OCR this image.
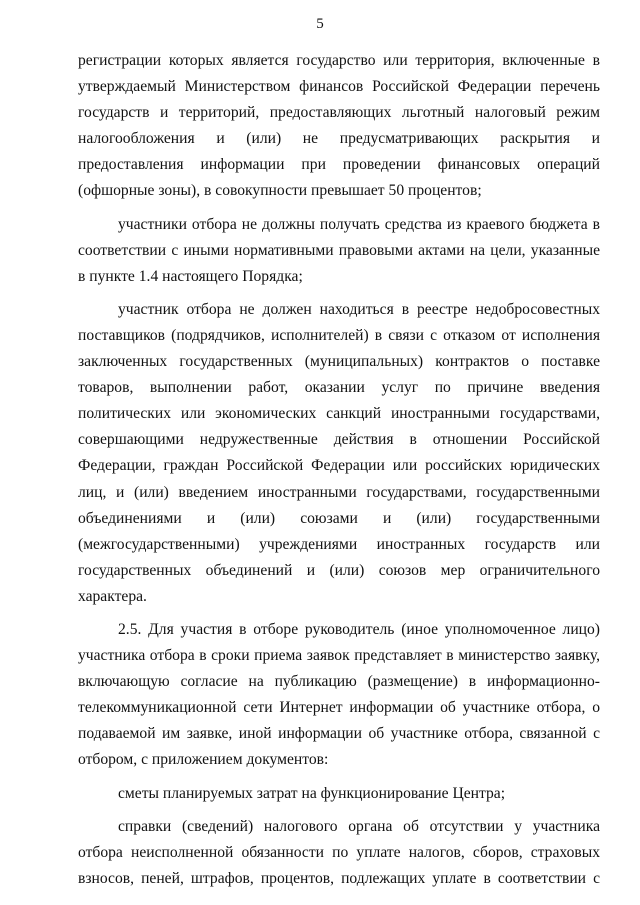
5

регистрации которых является государство или территория, включенные в утверждаемый Министерством финансов Российской Федерации перечень государств и территорий, предоставляющих льготный налоговый режим налогообложения и (или) не предусматривающих раскрытия и предоставления информации при проведении финансовых операций (офшорные зоны), в совокупности превышает 50 процентов;

участники отбора не должны получать средства из краевого бюджета в соответствии с иными нормативными правовыми актами на цели, указанные в пункте 1.4 настоящего Порядка;

участник отбора не должен находиться в реестре недобросовестных поставщиков (подрядчиков, исполнителей) в связи с отказом от исполнения заключенных государственных (муниципальных) контрактов о поставке товаров, выполнении работ, оказании услуг по причине введения политических или экономических санкций иностранными государствами, совершающими недружественные действия в отношении Российской Федерации, граждан Российской Федерации или российских юридических лиц, и (или) введением иностранными государствами, государственными объединениями и (или) союзами и (или) государственными (межгосударственными) учреждениями иностранных государств или государственных объединений и (или) союзов мер ограничительного характера.

2.5. Для участия в отборе руководитель (иное уполномоченное лицо) участника отбора в сроки приема заявок представляет в министерство заявку, включающую согласие на публикацию (размещение) в информационно-телекоммуникационной сети Интернет информации об участнике отбора, о подаваемой им заявке, иной информации об участнике отбора, связанной с отбором, с приложением документов:

сметы планируемых затрат на функционирование Центра;

справки (сведений) налогового органа об отсутствии у участника отбора неисполненной обязанности по уплате налогов, сборов, страховых взносов, пеней, штрафов, процентов, подлежащих уплате в соответствии с
